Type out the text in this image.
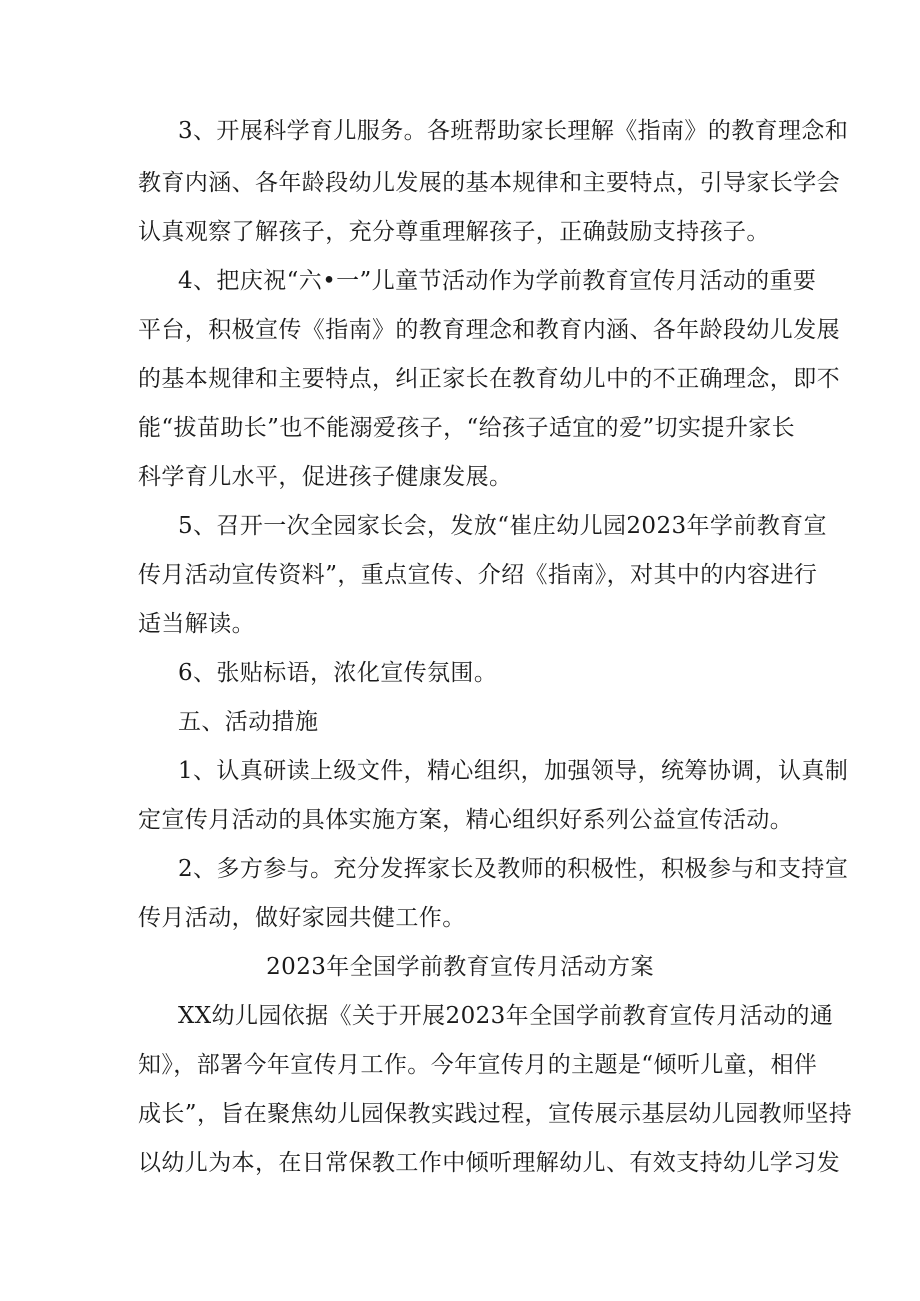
3、开展科学育儿服务。各班帮助家长理解《指南》的教育理念和
教育内涵、各年龄段幼儿发展的基本规律和主要特点，引导家长学会
认真观察了解孩子，充分尊重理解孩子，正确鼓励支持孩子。
4、把庆祝“六•一”儿童节活动作为学前教育宣传月活动的重要
平台，积极宣传《指南》的教育理念和教育内涵、各年龄段幼儿发展
的基本规律和主要特点，纠正家长在教育幼儿中的不正确理念，即不
能“拔苗助长”也不能溺爱孩子，“给孩子适宜的爱”切实提升家长
科学育儿水平，促进孩子健康发展。
5、召开一次全园家长会，发放“崔庄幼儿园2023年学前教育宣
传月活动宣传资料”，重点宣传、介绍《指南》，对其中的内容进行
适当解读。
6、张贴标语，浓化宣传氛围。
五、活动措施
1、认真研读上级文件，精心组织，加强领导，统筹协调，认真制
定宣传月活动的具体实施方案，精心组织好系列公益宣传活动。
2、多方参与。充分发挥家长及教师的积极性，积极参与和支持宣
传月活动，做好家园共健工作。
2023年全国学前教育宣传月活动方案
XX幼儿园依据《关于开展2023年全国学前教育宣传月活动的通
知》，部署今年宣传月工作。今年宣传月的主题是“倾听儿童，相伴
成长”，旨在聚焦幼儿园保教实践过程，宣传展示基层幼儿园教师坚持
以幼儿为本，在日常保教工作中倾听理解幼儿、有效支持幼儿学习发
